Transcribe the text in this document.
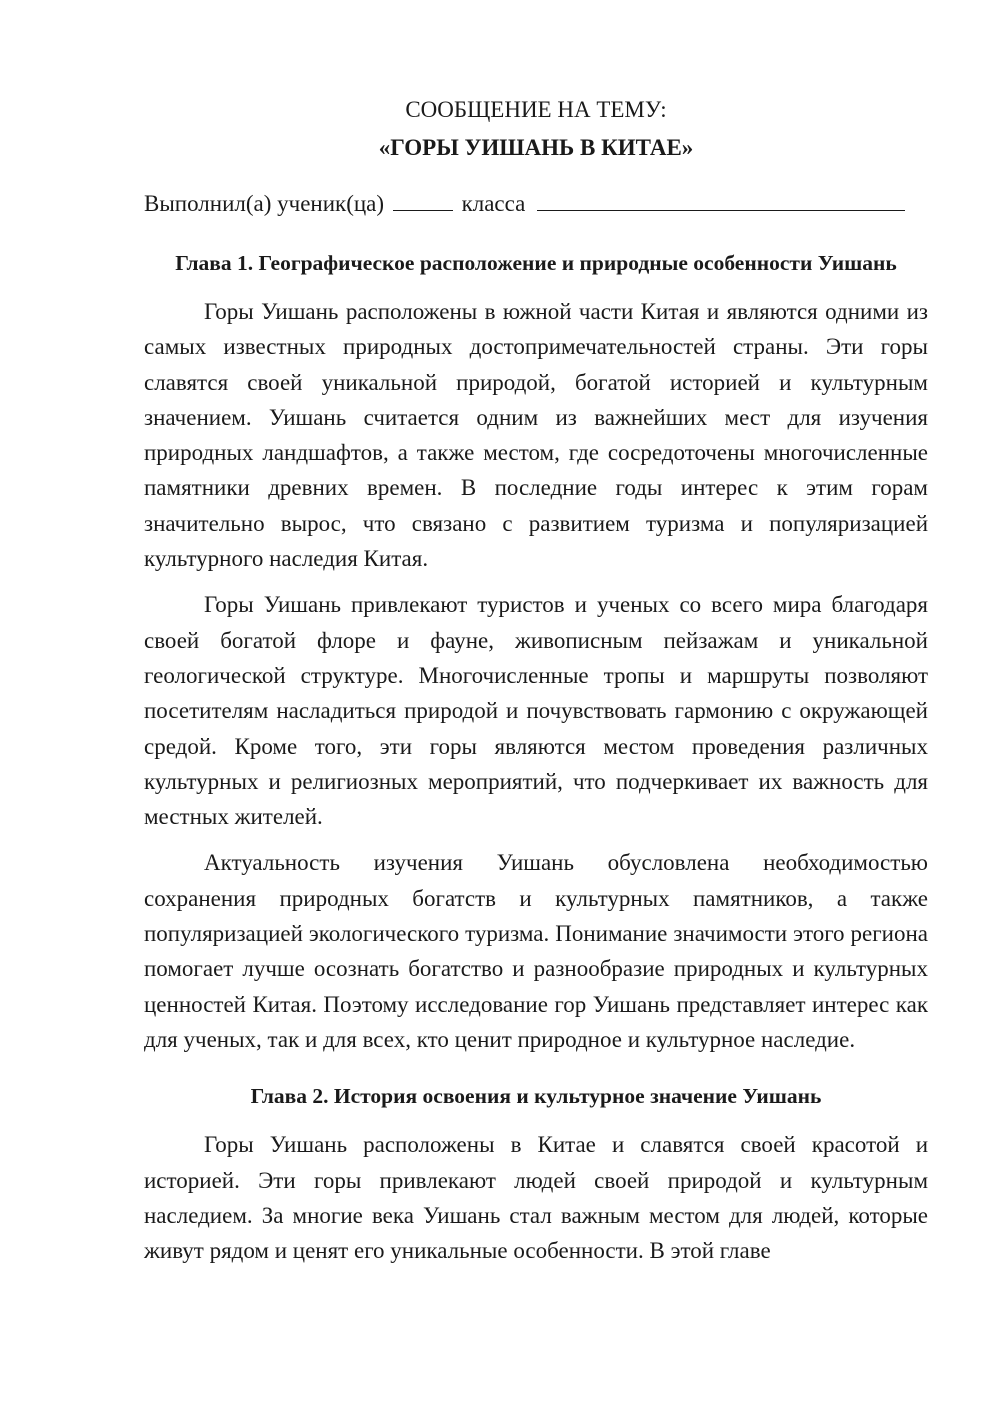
СООБЩЕНИЕ НА ТЕМУ:

«ГОРЫ УИШАНЬ В КИТАЕ»

Выполнил(а) ученик(ца)	класса
Глава 1. Географическое расположение и природные особенности Уишань

Горы Уишань расположены в южной части Китая и являются одними из самых известных природных достопримечательностей страны. Эти горы славятся своей уникальной природой, богатой историей и культурным значением. Уишань считается одним из важнейших мест для изучения природных ландшафтов, а также местом, где сосредоточены многочисленные памятники древних времен. В последние годы интерес к этим горам значительно вырос, что связано с развитием туризма и популяризацией культурного наследия Китая.

Горы Уишань привлекают туристов и ученых со всего мира благодаря своей богатой флоре и фауне, живописным пейзажам и уникальной геологической структуре. Многочисленные тропы и маршруты позволяют посетителям насладиться природой и почувствовать гармонию с окружающей средой. Кроме того, эти горы являются местом проведения различных культурных и религиозных мероприятий, что подчеркивает их важность для местных жителей.

Актуальность изучения Уишань обусловлена необходимостью сохранения природных богатств и культурных памятников, а также популяризацией экологического туризма. Понимание значимости этого региона помогает лучше осознать богатство и разнообразие природных и культурных ценностей Китая. Поэтому исследование гор Уишань представляет интерес как для ученых, так и для всех, кто ценит природное и культурное наследие.

Глава 2. История освоения и культурное значение Уишань

Горы Уишань расположены в Китае и славятся своей красотой и историей. Эти горы привлекают людей своей природой и культурным наследием. За многие века Уишань стал важным местом для людей, которые живут рядом и ценят его уникальные особенности. В этой главе
